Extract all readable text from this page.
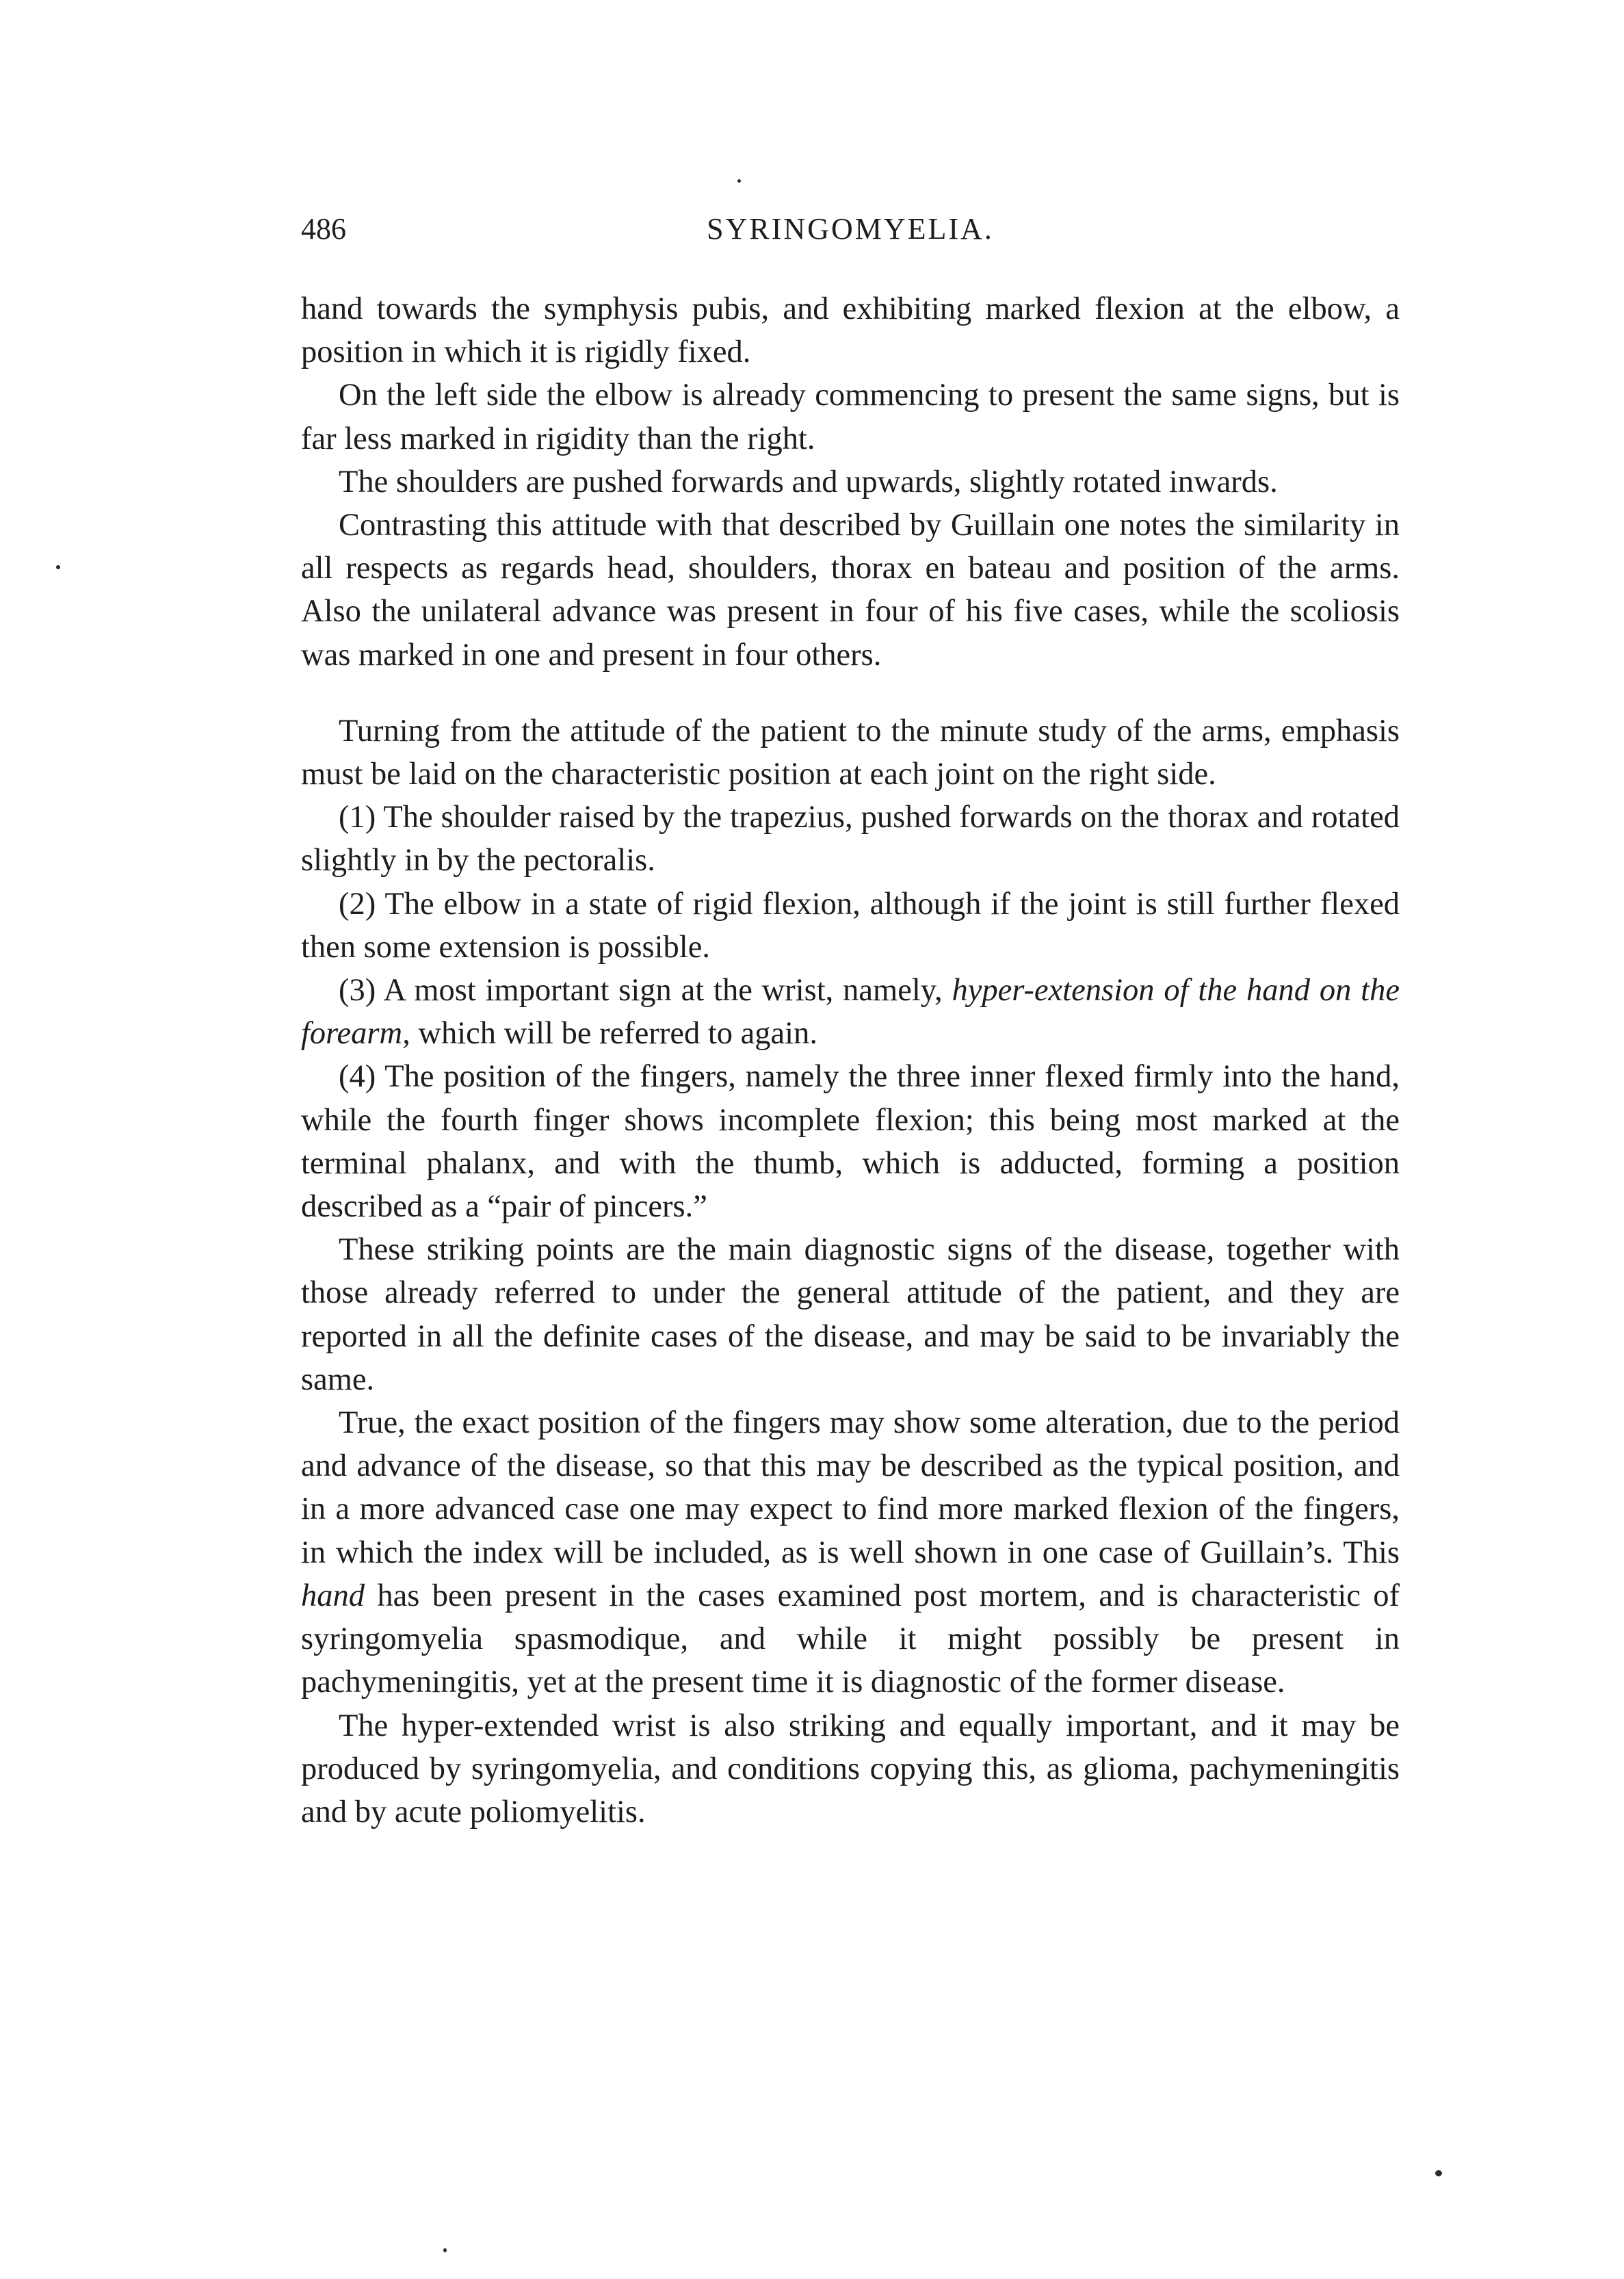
486	SYRINGOMYELIA.

hand towards the symphysis pubis, and exhibiting marked flexion at the elbow, a position in which it is rigidly fixed.

On the left side the elbow is already commencing to present the same signs, but is far less marked in rigidity than the right.

The shoulders are pushed forwards and upwards, slightly rotated inwards.

Contrasting this attitude with that described by Guillain one notes the similarity in all respects as regards head, shoulders, thorax en bateau and position of the arms. Also the unilateral advance was present in four of his five cases, while the scoliosis was marked in one and present in four others.

Turning from the attitude of the patient to the minute study of the arms, emphasis must be laid on the characteristic position at each joint on the right side.

(1) The shoulder raised by the trapezius, pushed forwards on the thorax and rotated slightly in by the pectoralis.

(2) The elbow in a state of rigid flexion, although if the joint is still further flexed then some extension is possible.

(3) A most important sign at the wrist, namely, hyper-extension of the hand on the forearm, which will be referred to again.

(4) The position of the fingers, namely the three inner flexed firmly into the hand, while the fourth finger shows incomplete flexion; this being most marked at the terminal phalanx, and with the thumb, which is adducted, forming a position described as a “pair of pincers.”

These striking points are the main diagnostic signs of the disease, together with those already referred to under the general attitude of the patient, and they are reported in all the definite cases of the disease, and may be said to be invariably the same.

True, the exact position of the fingers may show some alteration, due to the period and advance of the disease, so that this may be described as the typical position, and in a more advanced case one may expect to find more marked flexion of the fingers, in which the index will be included, as is well shown in one case of Guillain’s. This hand has been present in the cases examined post mortem, and is characteristic of syringomyelia spasmodique, and while it might possibly be present in pachymeningitis, yet at the present time it is diagnostic of the former disease.

The hyper-extended wrist is also striking and equally important, and it may be produced by syringomyelia, and conditions copying this, as glioma, pachymeningitis and by acute poliomyelitis.
